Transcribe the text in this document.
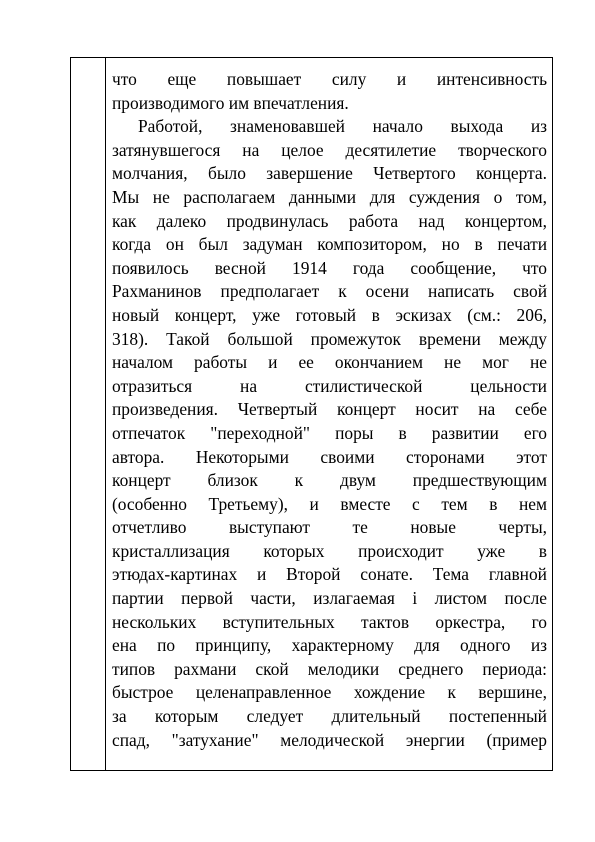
что еще повышает силу и интенсивность
производимого им впечатления.
Работой, знаменовавшей начало выхода из
затянувшегося на целое десятилетие творческого
молчания, было завершение Четвертого концерта.
Мы не располагаем данными для суждения о том,
как далеко продвинулась работа над концертом,
когда он был задуман композитором, но в печати
появилось весной 1914 года сообщение, что
Рахманинов предполагает к осени написать свой
новый концерт, уже готовый в эскизах (см.: 206,
318). Такой большой промежуток времени между
началом работы и ее окончанием не мог не
отразиться на стилистической цельности
произведения. Четвертый концерт носит на себе
отпечаток "переходной" поры в развитии его
автора. Некоторыми своими сторонами этот
концерт близок к двум предшествующим
(особенно Третьему), и вместе с тем в нем
отчетливо выступают те новые черты,
кристаллизация которых происходит уже в
этюдах-картинах и Второй сонате. Тема главной
партии первой части, излагаемая і листом после
нескольких вступительных тактов оркестра, го
ена по принципу, характерному для одного из
типов рахмани ской мелодики среднего периода:
быстрое целенаправленное хождение к вершине,
за которым следует длительный постепенный
спад, "затухание" мелодической энергии (пример
